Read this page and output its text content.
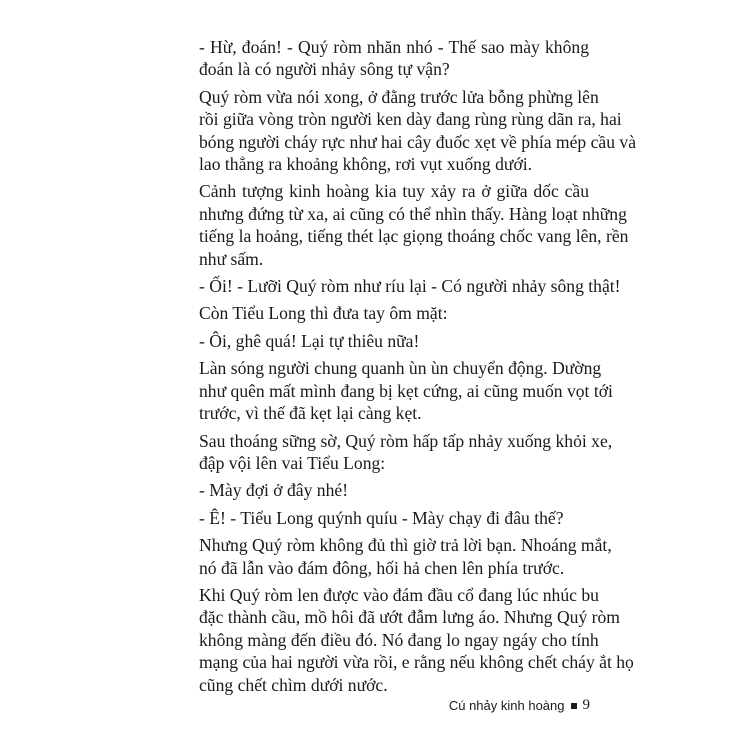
- Hừ, đoán! - Quý ròm nhăn nhó - Thế sao mày không
đoán là có người nhảy sông tự vận?

Quý ròm vừa nói xong, ở đằng trước lửa bỗng phừng lên
rồi giữa vòng tròn người ken dày đang rùng rùng dãn ra, hai
bóng người cháy rực như hai cây đuốc xẹt về phía mép cầu và
lao thẳng ra khoảng không, rơi vụt xuống dưới.

Cảnh tượng kinh hoàng kia tuy xảy ra ở giữa dốc cầu
nhưng đứng từ xa, ai cũng có thể nhìn thấy. Hàng loạt những
tiếng la hoảng, tiếng thét lạc giọng thoáng chốc vang lên, rền
như sấm.

- Ối! - Lưỡi Quý ròm như ríu lại - Có người nhảy sông thật!

Còn Tiểu Long thì đưa tay ôm mặt:

- Ôi, ghê quá! Lại tự thiêu nữa!

Làn sóng người chung quanh ùn ùn chuyển động. Dường
như quên mất mình đang bị kẹt cứng, ai cũng muốn vọt tới
trước, vì thế đã kẹt lại càng kẹt.

Sau thoáng sững sờ, Quý ròm hấp tấp nhảy xuống khỏi xe,
đập vội lên vai Tiểu Long:

- Mày đợi ở đây nhé!

- Ê! - Tiểu Long quýnh quíu - Mày chạy đi đâu thế?

Nhưng Quý ròm không đủ thì giờ trả lời bạn. Nhoáng mắt,
nó đã lẫn vào đám đông, hối hả chen lên phía trước.

Khi Quý ròm len được vào đám đầu cổ đang lúc nhúc bu
đặc thành cầu, mồ hôi đã ướt đẫm lưng áo. Nhưng Quý ròm
không màng đến điều đó. Nó đang lo ngay ngáy cho tính
mạng của hai người vừa rồi, e rằng nếu không chết cháy ắt họ
cũng chết chìm dưới nước.

Cú nhảy kinh hoàng 9
